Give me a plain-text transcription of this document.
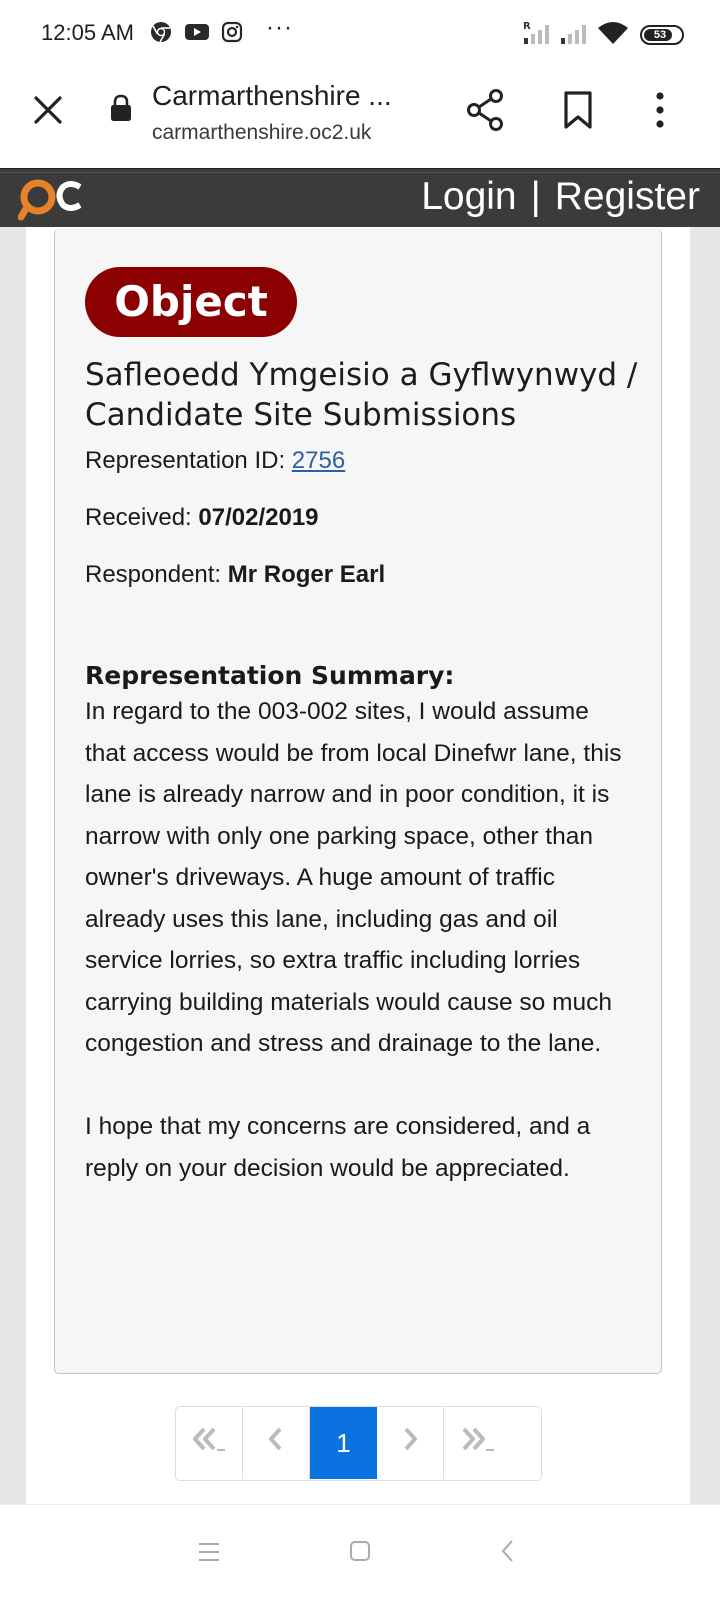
12:05 AM	···	R
53
Carmarthenshire ...
carmarthenshire.oc2.uk
Login | Register
Object
Safleoedd Ymgeisio a Gyflwynwyd / Candidate Site Submissions
Representation ID: 2756
Received: 07/02/2019
Respondent: Mr Roger Earl
Representation Summary:

In regard to the 003-002 sites, I would assume that access would be from local Dinefwr lane, this lane is already narrow and in poor condition, it is narrow with only one parking space, other than owner's driveways. A huge amount of traffic already uses this lane, including gas and oil service lorries, so extra traffic including lorries carrying building materials would cause so much congestion and stress and drainage to the lane.

I hope that my concerns are considered, and a reply on your decision would be appreciated.

1
